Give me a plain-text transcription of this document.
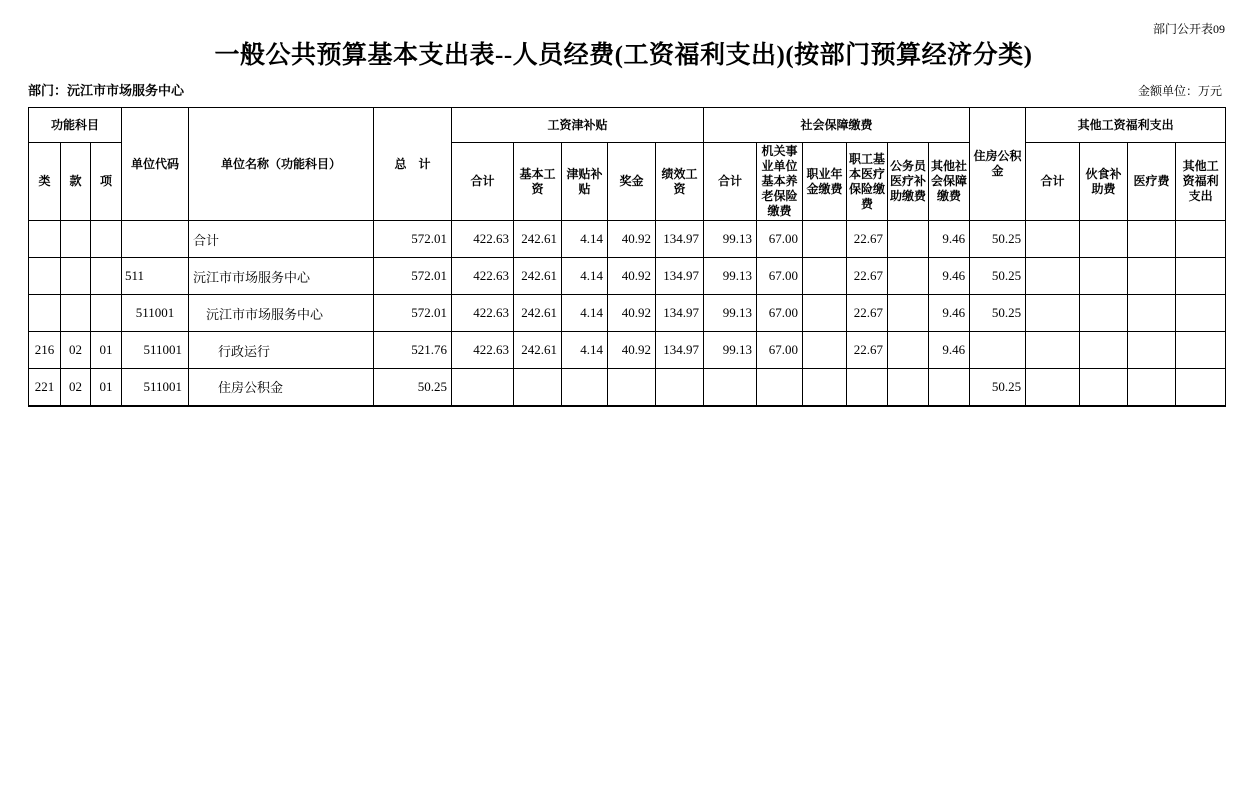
部门公开表09
一般公共预算基本支出表--人员经费(工资福利支出)(按部门预算经济分类)
部门：沅江市市场服务中心	金额单位：万元
功能科目			单位代码	单位名称（功能科目）	总　计	工资津补贴					社会保障缴费						住房公积金	其他工资福利支出			
类	款	项				合计	基本工资	津贴补贴	奖金	绩效工资	合计	机关事业单位基本养老保险缴费	职业年金缴费	职工基本医疗保险缴费	公务员医疗补助缴费	其他社会保障缴费		合计	伙食补助费	医疗费	其他工资福利支出
				合计	572.01	422.63	242.61	4.14	40.92	134.97	99.13	67.00		22.67		9.46	50.25				
			511	沅江市市场服务中心	572.01	422.63	242.61	4.14	40.92	134.97	99.13	67.00		22.67		9.46	50.25				
			511001	沅江市市场服务中心	572.01	422.63	242.61	4.14	40.92	134.97	99.13	67.00		22.67		9.46	50.25				
216	02	01	511001	行政运行	521.76	422.63	242.61	4.14	40.92	134.97	99.13	67.00		22.67		9.46					
221	02	01	511001	住房公积金	50.25												50.25				
